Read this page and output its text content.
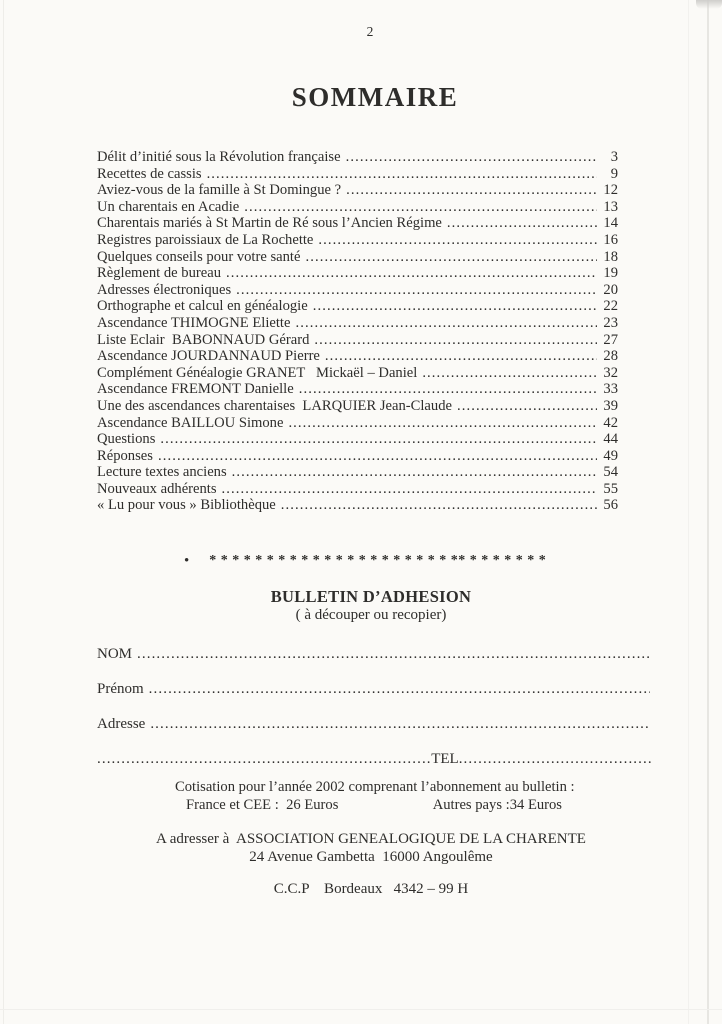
2
SOMMAIRE
Délit d’initié sous la Révolution française .....	3
Recettes de cassis .....	9
Aviez-vous de la famille à St Domingue ? .....	12
Un charentais en Acadie .....	13
Charentais mariés à St Martin de Ré sous l’Ancien Régime .....	14
Registres paroissiaux de La Rochette .....	16
Quelques conseils pour votre santé .....	18
Règlement de bureau .....	19
Adresses électroniques .....	20
Orthographe et calcul en généalogie .....	22
Ascendance THIMOGNE Eliette .....	23
Liste Eclair  BABONNAUD Gérard .....	27
Ascendance JOURDANNAUD Pierre .....	28
Complément Généalogie GRANET   Mickaël – Daniel .....	32
Ascendance FREMONT Danielle .....	33
Une des ascendances charentaises  LARQUIER Jean-Claude .....	39
Ascendance BAILLOU Simone .....	42
Questions .....	44
Réponses .....	49
Lecture textes anciens .....	54
Nouveaux adhérents .....	55
« Lu pour vous » Bibliothèque .....	56
• * * * * * * * * * * * * * * * * * * * * * ** * * * * * * *
BULLETIN D’ADHESION
( à découper ou recopier)
NOM
.....
Prénom
.....
Adresse
.....
.....
TEL
.....
Cotisation pour l’année 2002 comprenant l’abonnement au bulletin :
France et CEE :  26 Euros	Autres pays :34 Euros
A adresser à  ASSOCIATION GENEALOGIQUE DE LA CHARENTE
24 Avenue Gambetta  16000 Angoulême
C.C.P    Bordeaux   4342 – 99 H
